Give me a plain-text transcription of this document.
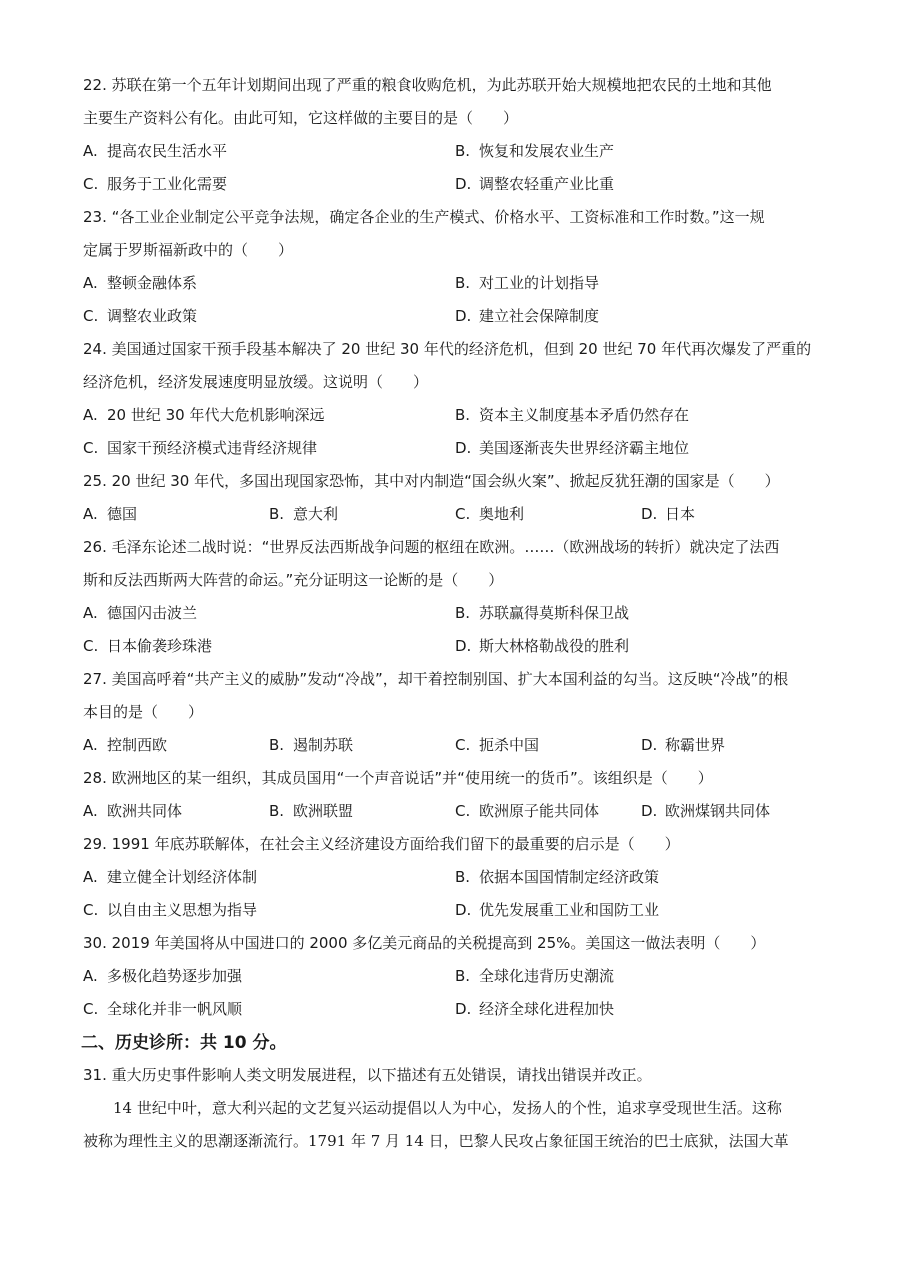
22. 苏联在第一个五年计划期间出现了严重的粮食收购危机，为此苏联开始大规模地把农民的土地和其他
主要生产资料公有化。由此可知，它这样做的主要目的是（　　）
A. 提高农民生活水平	B. 恢复和发展农业生产
C. 服务于工业化需要	D. 调整农轻重产业比重
23. “各工业企业制定公平竞争法规，确定各企业的生产模式、价格水平、工资标准和工作时数。”这一规
定属于罗斯福新政中的（　　）
A. 整顿金融体系	B. 对工业的计划指导
C. 调整农业政策	D. 建立社会保障制度
24. 美国通过国家干预手段基本解决了 20 世纪 30 年代的经济危机，但到 20 世纪 70 年代再次爆发了严重的
经济危机，经济发展速度明显放缓。这说明（　　）
A. 20 世纪 30 年代大危机影响深远	B. 资本主义制度基本矛盾仍然存在
C. 国家干预经济模式违背经济规律	D. 美国逐渐丧失世界经济霸主地位
25. 20 世纪 30 年代，多国出现国家恐怖，其中对内制造“国会纵火案”、掀起反犹狂潮的国家是（　　）
A. 德国	B. 意大利	C. 奥地利	D. 日本
26. 毛泽东论述二战时说：“世界反法西斯战争问题的枢纽在欧洲。……（欧洲战场的转折）就决定了法西
斯和反法西斯两大阵营的命运。”充分证明这一论断的是（　　）
A. 德国闪击波兰	B. 苏联赢得莫斯科保卫战
C. 日本偷袭珍珠港	D. 斯大林格勒战役的胜利
27. 美国高呼着“共产主义的威胁”发动“冷战”，却干着控制别国、扩大本国利益的勾当。这反映“冷战”的根
本目的是（　　）
A. 控制西欧	B. 遏制苏联	C. 扼杀中国	D. 称霸世界
28. 欧洲地区的某一组织，其成员国用“一个声音说话”并“使用统一的货币”。该组织是（　　）
A. 欧洲共同体	B. 欧洲联盟	C. 欧洲原子能共同体	D. 欧洲煤钢共同体
29. 1991 年底苏联解体，在社会主义经济建设方面给我们留下的最重要的启示是（　　）
A. 建立健全计划经济体制	B. 依据本国国情制定经济政策
C. 以自由主义思想为指导	D. 优先发展重工业和国防工业
30. 2019 年美国将从中国进口的 2000 多亿美元商品的关税提高到 25%。美国这一做法表明（　　）
A. 多极化趋势逐步加强	B. 全球化违背历史潮流
C. 全球化并非一帆风顺	D. 经济全球化进程加快
二、历史诊所：共 10 分。
31. 重大历史事件影响人类文明发展进程，以下描述有五处错误，请找出错误并改正。
14 世纪中叶，意大利兴起的文艺复兴运动提倡以人为中心，发扬人的个性，追求享受现世生活。这称
被称为理性主义的思潮逐渐流行。1791 年 7 月 14 日，巴黎人民攻占象征国王统治的巴士底狱，法国大革
